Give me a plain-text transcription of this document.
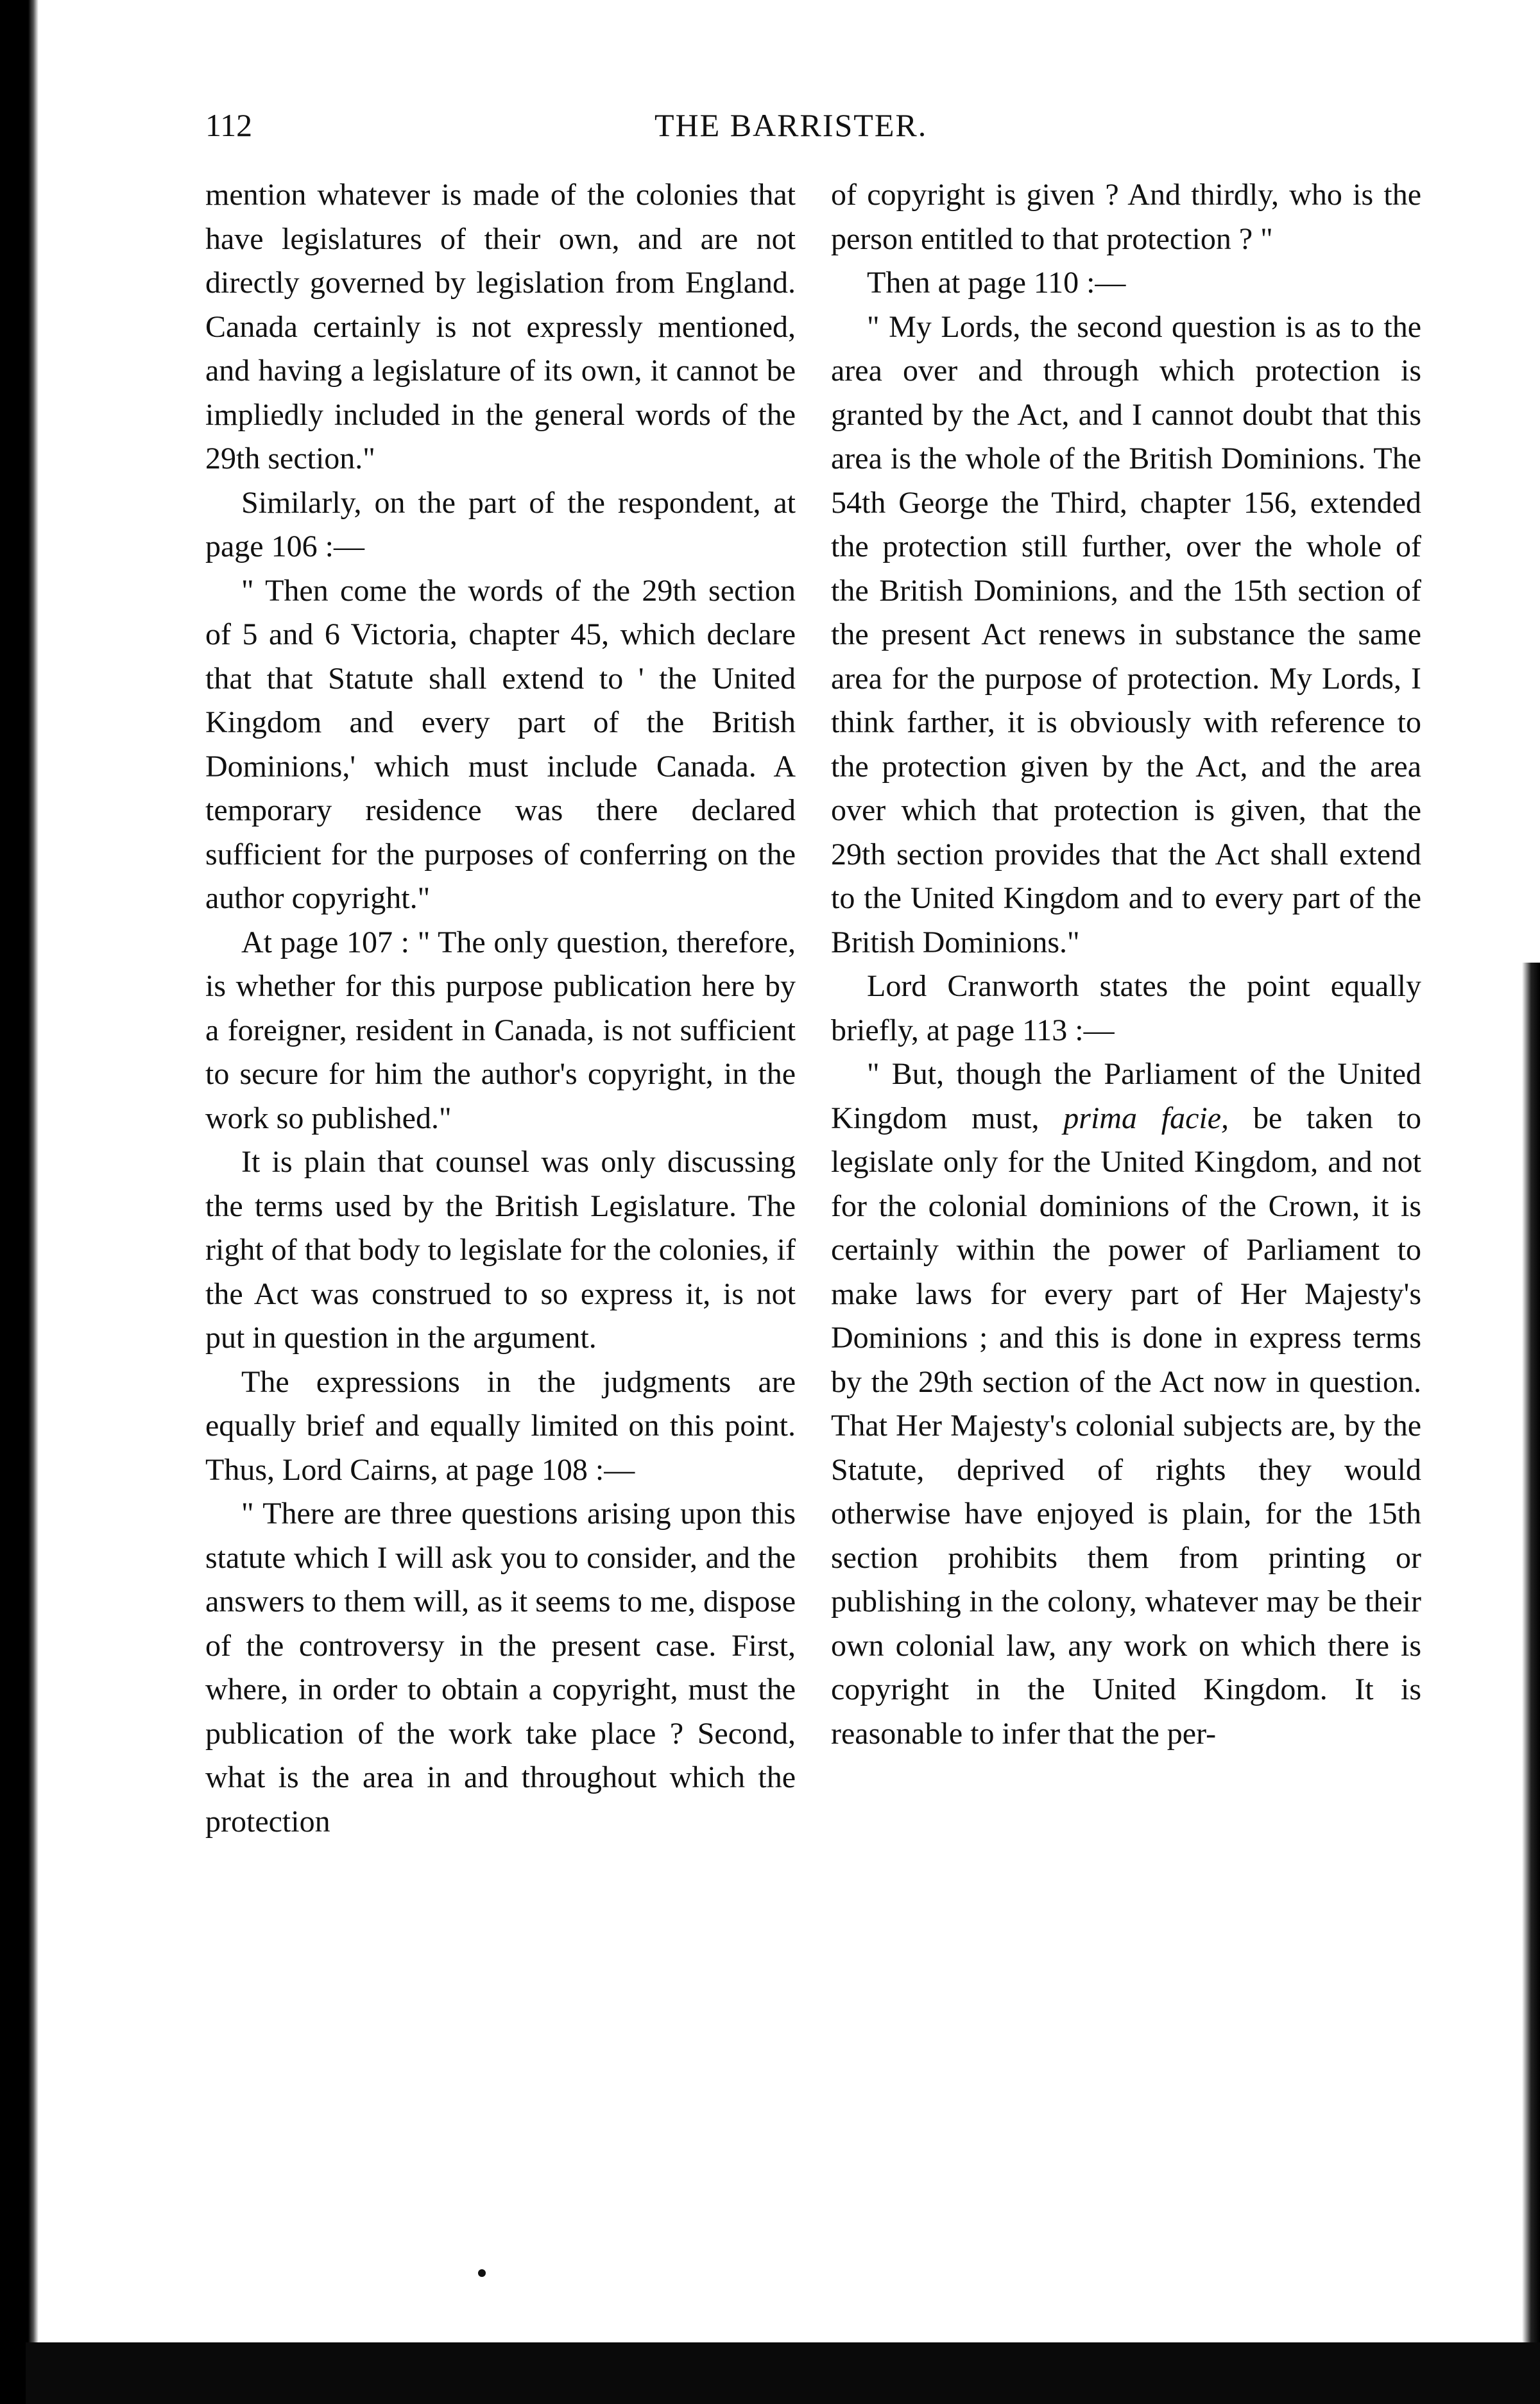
112	THE BARRISTER.

mention whatever is made of the colonies that have legislatures of their own, and are not directly governed by legislation from England. Canada certainly is not expressly mentioned, and having a legislature of its own, it cannot be impliedly included in the general words of the 29th section."

Similarly, on the part of the respondent, at page 106 :—

" Then come the words of the 29th section of 5 and 6 Victoria, chapter 45, which declare that that Statute shall extend to ' the United Kingdom and every part of the British Dominions,' which must include Canada. A temporary residence was there declared sufficient for the purposes of conferring on the author copyright."

At page 107 : " The only question, therefore, is whether for this purpose publication here by a foreigner, resident in Canada, is not sufficient to secure for him the author's copyright, in the work so published."

It is plain that counsel was only discussing the terms used by the British Legislature. The right of that body to legislate for the colonies, if the Act was construed to so express it, is not put in question in the argument.

The expressions in the judgments are equally brief and equally limited on this point. Thus, Lord Cairns, at page 108 :—

" There are three questions arising upon this statute which I will ask you to consider, and the answers to them will, as it seems to me, dispose of the controversy in the present case. First, where, in order to obtain a copyright, must the publication of the work take place ? Second, what is the area in and throughout which the protection

of copyright is given ? And thirdly, who is the person entitled to that protection ? "

Then at page 110 :—

" My Lords, the second question is as to the area over and through which protection is granted by the Act, and I cannot doubt that this area is the whole of the British Dominions. The 54th George the Third, chapter 156, extended the protection still further, over the whole of the British Dominions, and the 15th section of the present Act renews in substance the same area for the purpose of protection. My Lords, I think farther, it is obviously with reference to the protection given by the Act, and the area over which that protection is given, that the 29th section provides that the Act shall extend to the United Kingdom and to every part of the British Dominions."

Lord Cranworth states the point equally briefly, at page 113 :—

" But, though the Parliament of the United Kingdom must, prima facie, be taken to legislate only for the United Kingdom, and not for the colonial dominions of the Crown, it is certainly within the power of Parliament to make laws for every part of Her Majesty's Dominions ; and this is done in express terms by the 29th section of the Act now in question. That Her Majesty's colonial subjects are, by the Statute, deprived of rights they would otherwise have enjoyed is plain, for the 15th section prohibits them from printing or publishing in the colony, whatever may be their own colonial law, any work on which there is copyright in the United Kingdom. It is reasonable to infer that the per-
